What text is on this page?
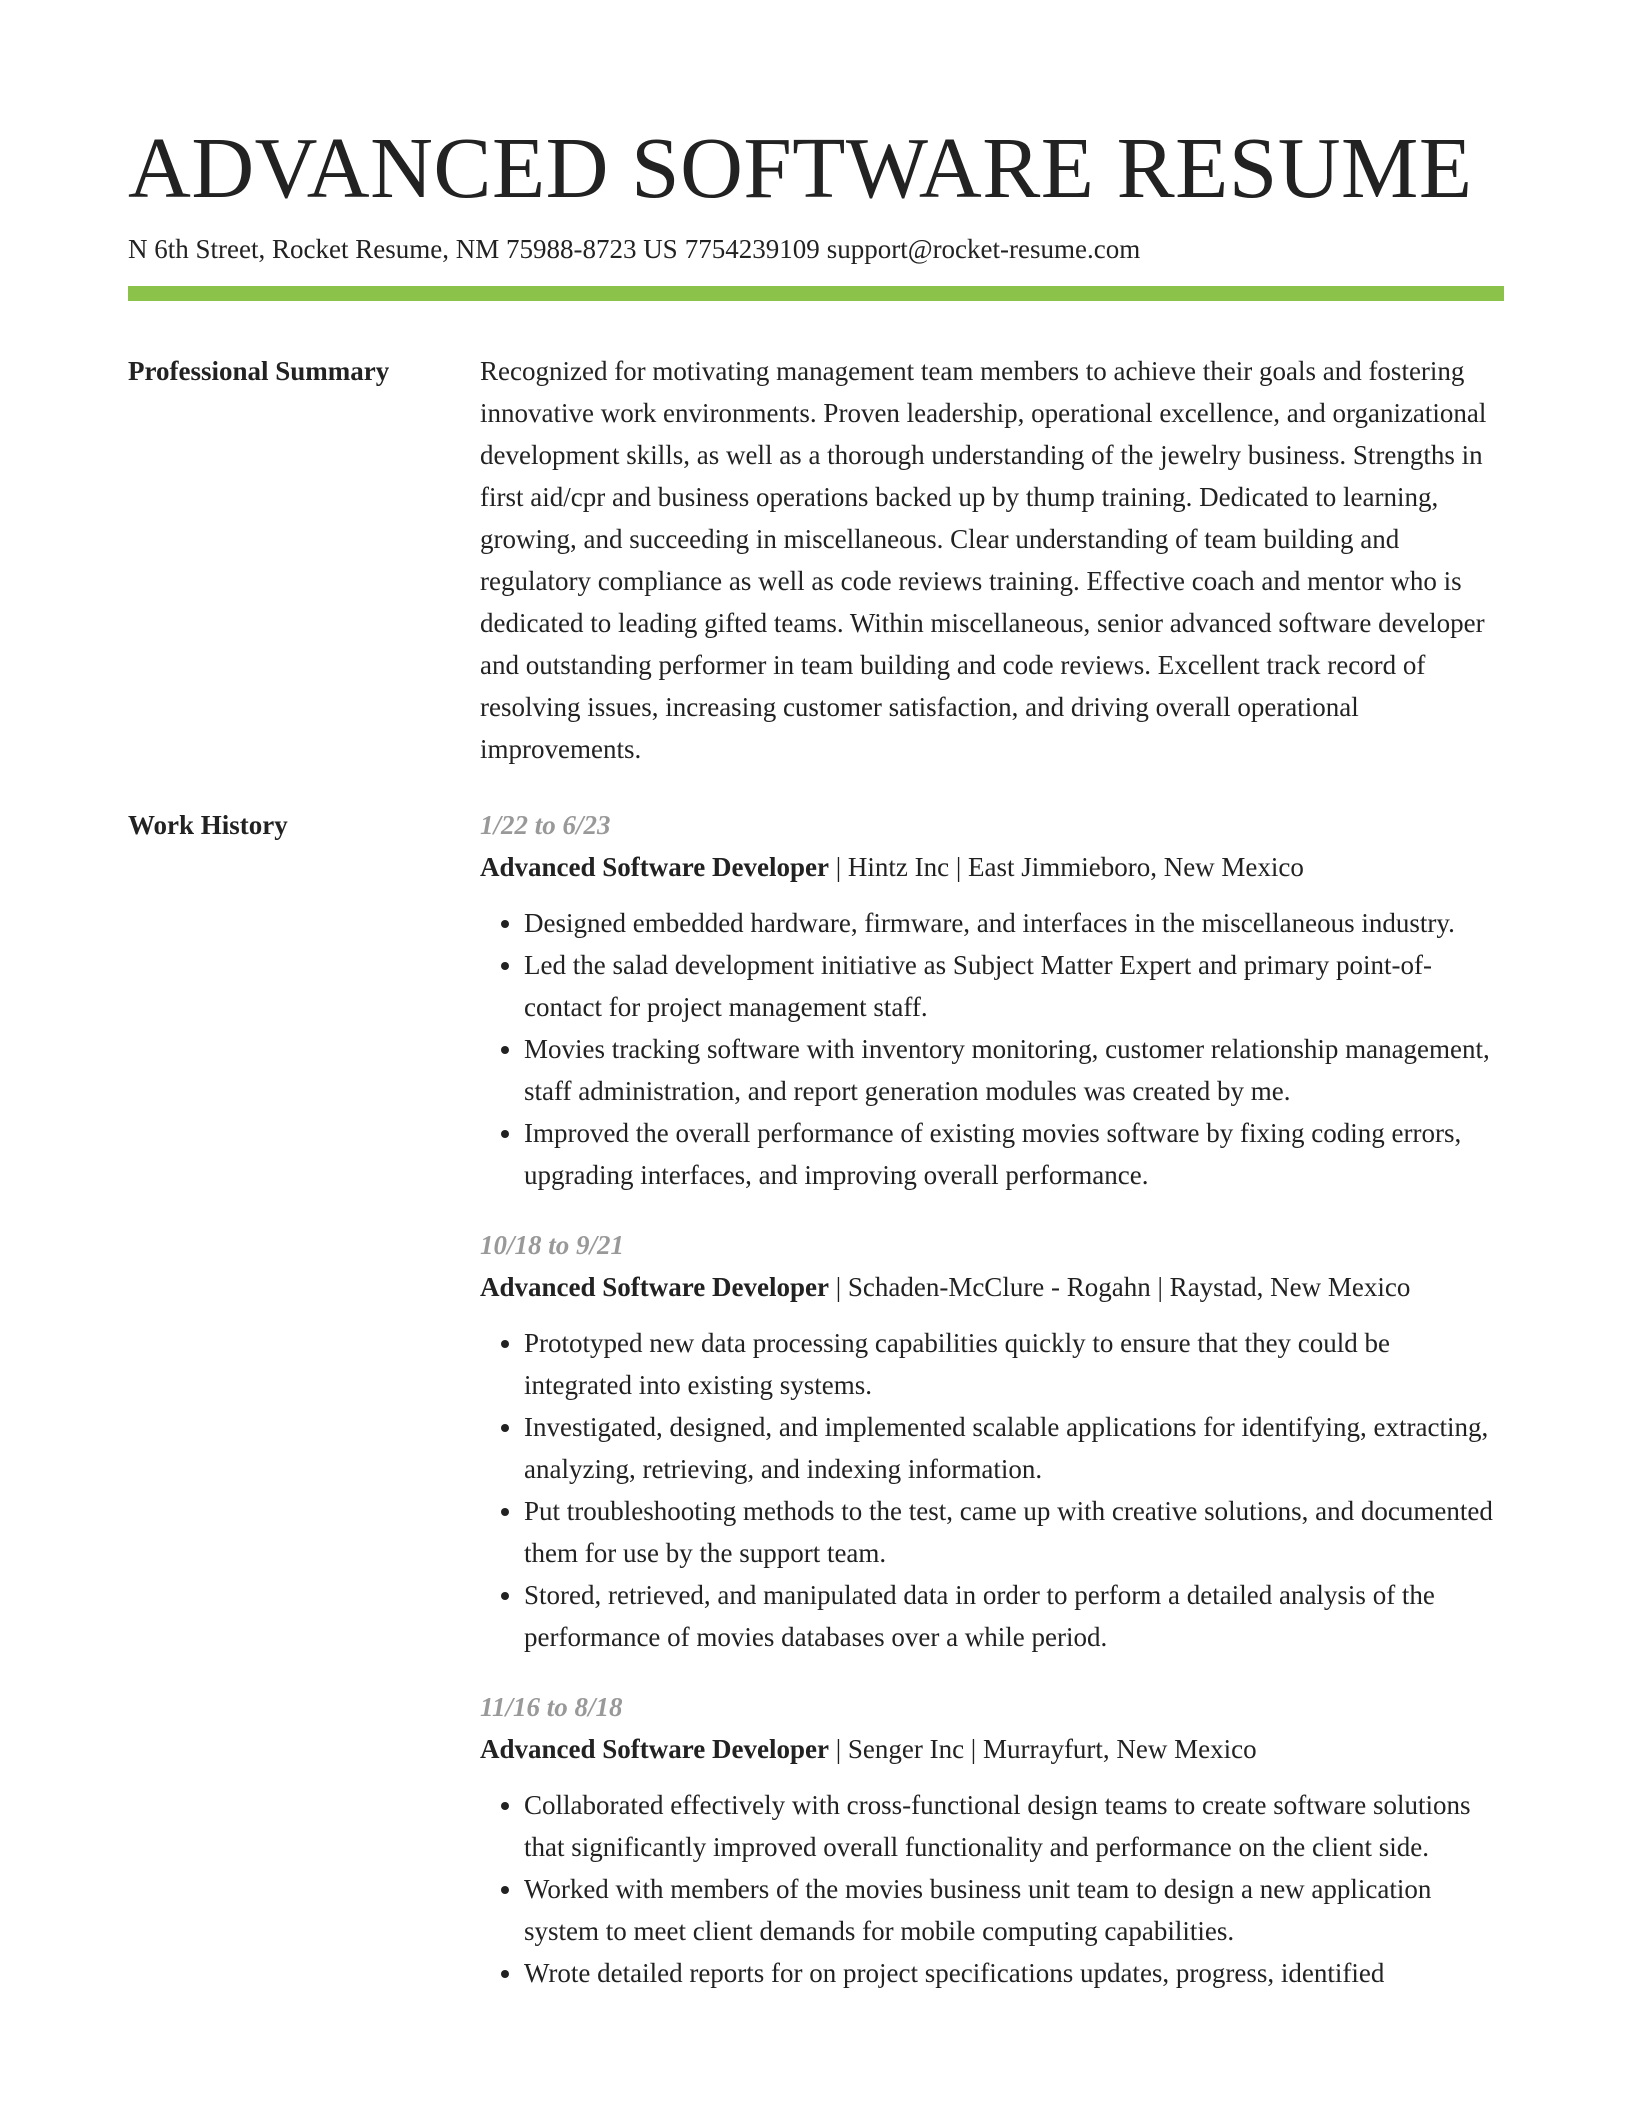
ADVANCED SOFTWARE RESUME
N 6th Street, Rocket Resume, NM 75988-8723 US 7754239109 support@rocket-resume.com
Professional Summary	Recognized for motivating management team members to achieve their goals and fostering innovative work environments. Proven leadership, operational excellence, and organizational development skills, as well as a thorough understanding of the jewelry business. Strengths in first aid/cpr and business operations backed up by thump training. Dedicated to learning, growing, and succeeding in miscellaneous. Clear understanding of team building and regulatory compliance as well as code reviews training. Effective coach and mentor who is dedicated to leading gifted teams. Within miscellaneous, senior advanced software developer and outstanding performer in team building and code reviews. Excellent track record of resolving issues, increasing customer satisfaction, and driving overall operational improvements.

Work History	1/22 to 6/23
Advanced Software Developer | Hintz Inc | East Jimmieboro, New Mexico
• Designed embedded hardware, firmware, and interfaces in the miscellaneous industry.
• Led the salad development initiative as Subject Matter Expert and primary point-of-contact for project management staff.
• Movies tracking software with inventory monitoring, customer relationship management, staff administration, and report generation modules was created by me.
• Improved the overall performance of existing movies software by fixing coding errors, upgrading interfaces, and improving overall performance.
10/18 to 9/21
Advanced Software Developer | Schaden-McClure - Rogahn | Raystad, New Mexico
• Prototyped new data processing capabilities quickly to ensure that they could be integrated into existing systems.
• Investigated, designed, and implemented scalable applications for identifying, extracting, analyzing, retrieving, and indexing information.
• Put troubleshooting methods to the test, came up with creative solutions, and documented them for use by the support team.
• Stored, retrieved, and manipulated data in order to perform a detailed analysis of the performance of movies databases over a while period.
11/16 to 8/18
Advanced Software Developer | Senger Inc | Murrayfurt, New Mexico
• Collaborated effectively with cross-functional design teams to create software solutions that significantly improved overall functionality and performance on the client side.
• Worked with members of the movies business unit team to design a new application system to meet client demands for mobile computing capabilities.
• Wrote detailed reports for on project specifications updates, progress, identified
